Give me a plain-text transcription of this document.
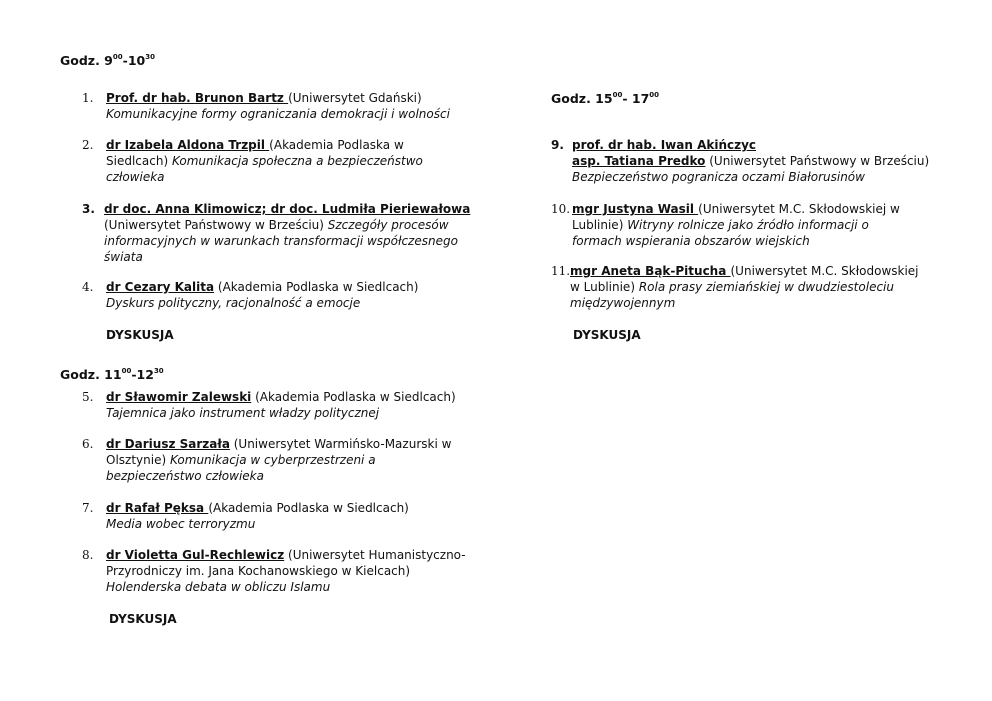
Godz. $9^{00}-10^{30}$
Godz. $11^{00}-12^{30}$
Godz. $15^{00}-$ $17^{00}$
1. Prof. dr hab. Brunon Bartz (Uniwersytet Gdański)
Komunikacyjne formy ograniczania demokracji i wolności
2. dr Izabela Aldona Trzpil (Akademia Podlaska w
Siedlcach) Komunikacja społeczna a bezpieczeństwo
człowieka
3. dr doc. Anna Klimowicz; dr doc. Ludmiła Pieriewałowa
(Uniwersytet Państwowy w Brześciu) Szczegóły procesów
informacyjnych w warunkach transformacji współczesnego
świata
4. dr Cezary Kalita (Akademia Podlaska w Siedlcach)
Dyskurs polityczny, racjonalność a emocje
DYSKUSJA
5. dr Sławomir Zalewski (Akademia Podlaska w Siedlcach)
Tajemnica jako instrument władzy politycznej
6. dr Dariusz Sarzała (Uniwersytet Warmińsko-Mazurski w
Olsztynie) Komunikacja w cyberprzestrzeni a
bezpieczeństwo człowieka
7. dr Rafał Pęksa (Akademia Podlaska w Siedlcach)
Media wobec terroryzmu
8. dr Violetta Gul-Rechlewicz (Uniwersytet Humanistyczno-
Przyrodniczy im. Jana Kochanowskiego w Kielcach)
Holenderska debata w obliczu Islamu
DYSKUSJA
9. prof. dr hab. Iwan Akińczyc
asp. Tatiana Predko (Uniwersytet Państwowy w Brześciu)
Bezpieczeństwo pogranicza oczami Białorusinów
10. mgr Justyna Wasil (Uniwersytet M.C. Skłodowskiej w
Lublinie) Witryny rolnicze jako źródło informacji o
formach wspierania obszarów wiejskich
11. mgr Aneta Bąk-Pitucha (Uniwersytet M.C. Skłodowskiej
w Lublinie) Rola prasy ziemiańskiej w dwudziestoleciu
międzywojennym
DYSKUSJA
